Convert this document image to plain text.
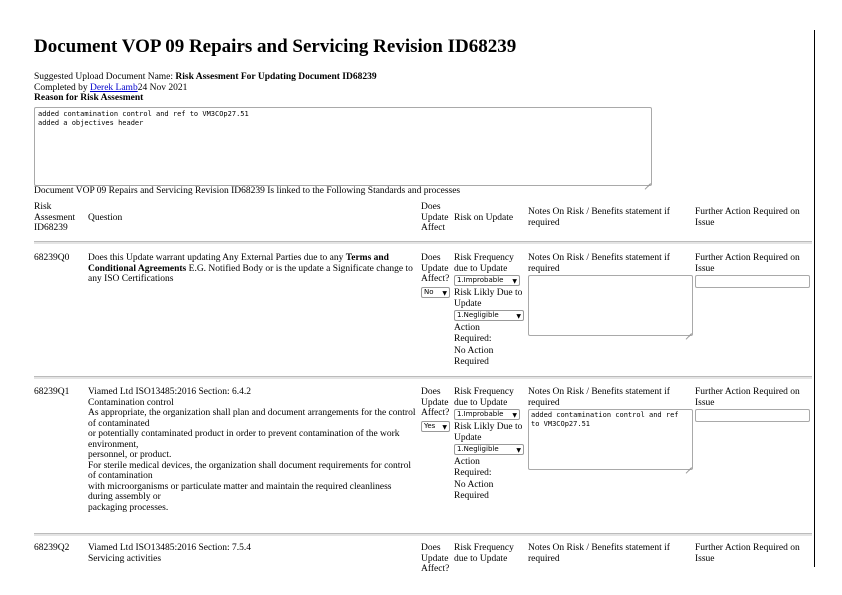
Document VOP 09 Repairs and Servicing Revision ID68239
Suggested Upload Document Name: Risk Assesment For Updating Document ID68239
Completed by Derek Lamb24 Nov 2021
Reason for Risk Assesment
added contamination control and ref to VM3COp27.51
added a objectives header
Document VOP 09 Repairs and Servicing Revision ID68239 Is linked to the Following Standards and processes
Risk Assesment ID68239
Question
Does Update Affect
Risk on Update
Notes On Risk / Benefits statement if required
Further Action Required on Issue
68239Q0 Does this Update warrant updating Any External Parties due to any Terms and Conditional Agreements E.G. Notified Body or is the update a Significate change to any ISO Certifications
Does Update Affect?
No ▼
Risk Frequency due to Update
1.Improbable ▼
Risk Likly Due to Update
1.Negligible	▼
Action Required:
No Action Required
Notes On Risk / Benefits statement if required
Further Action Required on Issue
68239Q1 Viamed Ltd ISO13485:2016 Section: 6.4.2
Contamination control
As appropriate, the organization shall plan and document arrangements for the control of contaminated
or potentially contaminated product in order to prevent contamination of the work environment,
personnel, or product.
For sterile medical devices, the organization shall document requirements for control of contamination
with microorganisms or particulate matter and maintain the required cleanliness during assembly or
packaging processes.
Does Update Affect?
Yes ▼
Risk Frequency due to Update
1.Improbable ▼
Risk Likly Due to Update
1.Negligible	▼
Action Required:
No Action Required
Notes On Risk / Benefits statement if required
added contamination control and ref to VM3COp27.51
Further Action Required on Issue
68239Q2 Viamed Ltd ISO13485:2016 Section: 7.5.4
Servicing activities
Does Update Affect?
Risk Frequency due to Update
Notes On Risk / Benefits statement if required
Further Action Required on Issue
